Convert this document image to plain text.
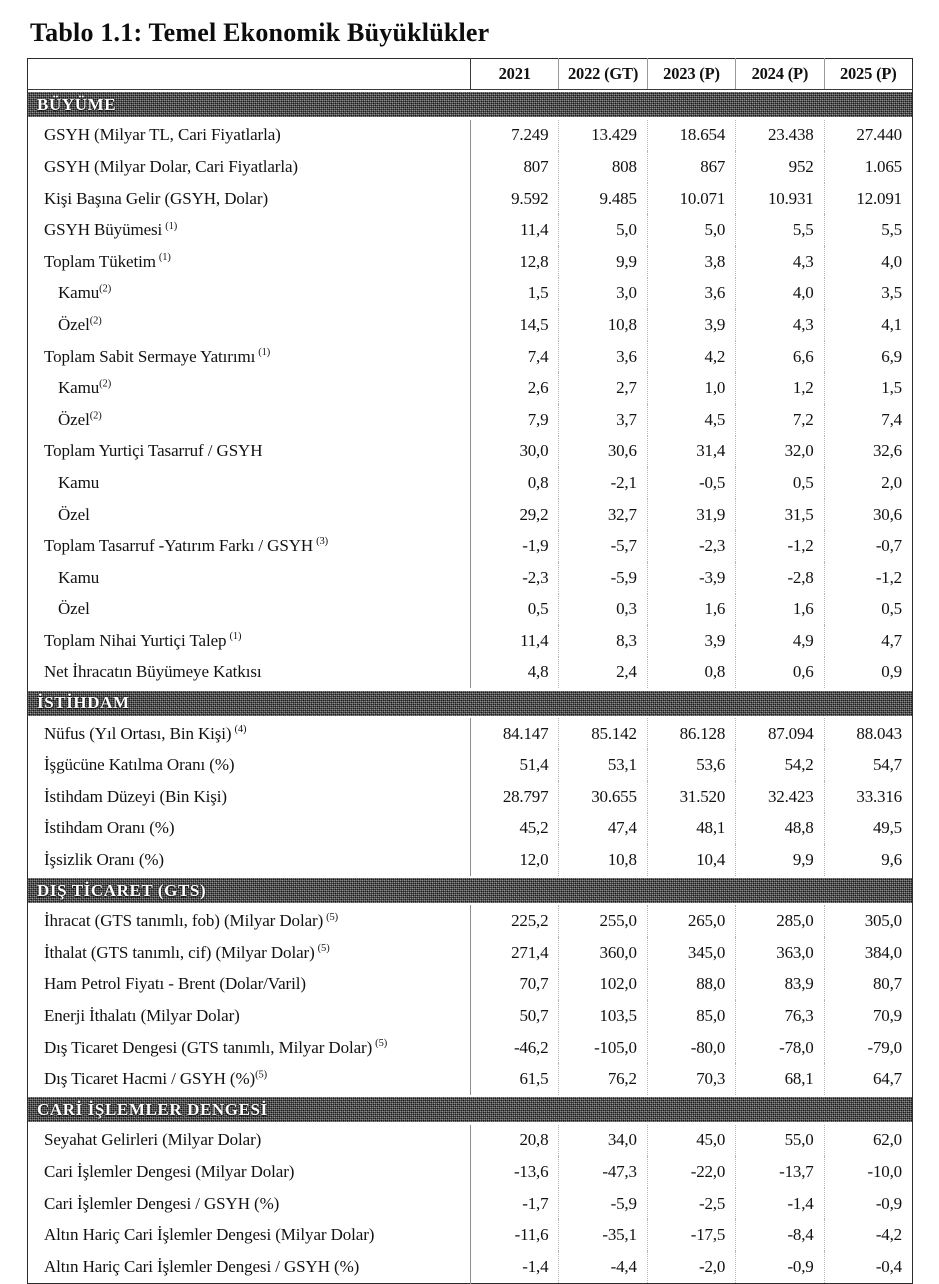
Tablo 1.1: Temel Ekonomik Büyüklükler
	2021	2022 (GT)	2023 (P)	2024 (P)	2025 (P)

BÜYÜME					

GSYH (Milyar TL, Cari Fiyatlarla)	7.249	13.429	18.654	23.438	27.440
GSYH (Milyar Dolar, Cari Fiyatlarla)	807	808	867	952	1.065
Kişi Başına Gelir (GSYH, Dolar)	9.592	9.485	10.071	10.931	12.091
GSYH Büyümesi $^{(1)}$	11,4	5,0	5,0	5,5	5,5
Toplam Tüketim $^{(1)}$	12,8	9,9	3,8	4,3	4,0
Kamu$^{(2)}$	1,5	3,0	3,6	4,0	3,5
Özel$^{(2)}$	14,5	10,8	3,9	4,3	4,1
Toplam Sabit Sermaye Yatırımı $^{(1)}$	7,4	3,6	4,2	6,6	6,9
Kamu$^{(2)}$	2,6	2,7	1,0	1,2	1,5
Özel$^{(2)}$	7,9	3,7	4,5	7,2	7,4
Toplam Yurtiçi Tasarruf / GSYH	30,0	30,6	31,4	32,0	32,6
Kamu	0,8	-2,1	-0,5	0,5	2,0
Özel	29,2	32,7	31,9	31,5	30,6
Toplam Tasarruf -Yatırım Farkı / GSYH $^{(3)}$	-1,9	-5,7	-2,3	-1,2	-0,7
Kamu	-2,3	-5,9	-3,9	-2,8	-1,2
Özel	0,5	0,3	1,6	1,6	0,5
Toplam Nihai Yurtiçi Talep $^{(1)}$	11,4	8,3	3,9	4,9	4,7
Net İhracatın Büyümeye Katkısı	4,8	2,4	0,8	0,6	0,9

İSTİHDAM					

Nüfus (Yıl Ortası, Bin Kişi) $^{(4)}$	84.147	85.142	86.128	87.094	88.043
İşgücüne Katılma Oranı (%)	51,4	53,1	53,6	54,2	54,7
İstihdam Düzeyi (Bin Kişi)	28.797	30.655	31.520	32.423	33.316
İstihdam Oranı (%)	45,2	47,4	48,1	48,8	49,5
İşsizlik Oranı (%)	12,0	10,8	10,4	9,9	9,6

DIŞ TİCARET (GTS)					

İhracat (GTS tanımlı, fob) (Milyar Dolar) $^{(5)}$	225,2	255,0	265,0	285,0	305,0
İthalat (GTS tanımlı, cif) (Milyar Dolar) $^{(5)}$	271,4	360,0	345,0	363,0	384,0
Ham Petrol Fiyatı - Brent (Dolar/Varil)	70,7	102,0	88,0	83,9	80,7
Enerji İthalatı (Milyar Dolar)	50,7	103,5	85,0	76,3	70,9
Dış Ticaret Dengesi (GTS tanımlı, Milyar Dolar) $^{(5)}$	-46,2	-105,0	-80,0	-78,0	-79,0
Dış Ticaret Hacmi / GSYH (%)$^{(5)}$	61,5	76,2	70,3	68,1	64,7

CARİ İŞLEMLER DENGESİ					

Seyahat Gelirleri (Milyar Dolar)	20,8	34,0	45,0	55,0	62,0
Cari İşlemler Dengesi (Milyar Dolar)	-13,6	-47,3	-22,0	-13,7	-10,0
Cari İşlemler Dengesi / GSYH (%)	-1,7	-5,9	-2,5	-1,4	-0,9
Altın Hariç Cari İşlemler Dengesi (Milyar Dolar)	-11,6	-35,1	-17,5	-8,4	-4,2
Altın Hariç Cari İşlemler Dengesi / GSYH (%)	-1,4	-4,4	-2,0	-0,9	-0,4
